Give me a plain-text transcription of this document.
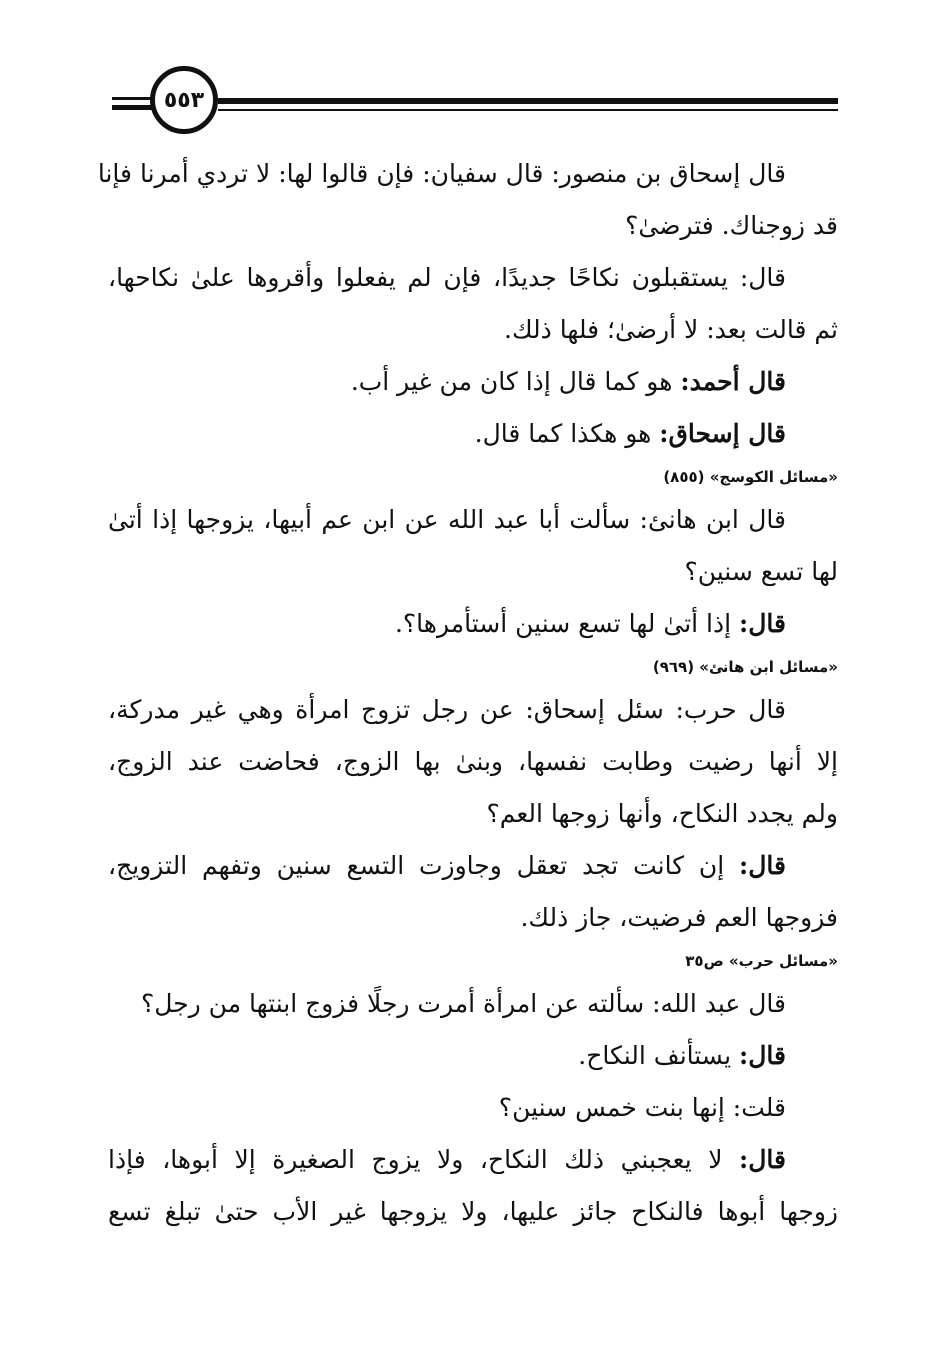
٥٥٣
قال إسحاق بن منصور: قال سفيان: فإن قالوا لها: لا تردي أمرنا فإنا
قد زوجناك. فترضىٰ؟
قال: يستقبلون نكاحًا جديدًا، فإن لم يفعلوا وأقروها علىٰ نكاحها،
ثم قالت بعد: لا أرضىٰ؛ فلها ذلك.
قال أحمد: هو كما قال إذا كان من غير أب.
قال إسحاق: هو هكذا كما قال.
«مسائل الكوسج» (٨٥٥)
قال ابن هانئ: سألت أبا عبد الله عن ابن عم أبيها، يزوجها إذا أتىٰ
لها تسع سنين؟
قال: إذا أتىٰ لها تسع سنين أستأمرها؟.
«مسائل ابن هانئ» (٩٦٩)
قال حرب: سئل إسحاق: عن رجل تزوج امرأة وهي غير مدركة،
إلا أنها رضيت وطابت نفسها، وبنىٰ بها الزوج، فحاضت عند الزوج،
ولم يجدد النكاح، وأنها زوجها العم؟
قال: إن كانت تجد تعقل وجاوزت التسع سنين وتفهم التزويج،
فزوجها العم فرضيت، جاز ذلك.
«مسائل حرب» ص٣٥
قال عبد الله: سألته عن امرأة أمرت رجلًا فزوج ابنتها من رجل؟
قال: يستأنف النكاح.
قلت: إنها بنت خمس سنين؟
قال: لا يعجبني ذلك النكاح، ولا يزوج الصغيرة إلا أبوها، فإذا
زوجها أبوها فالنكاح جائز عليها، ولا يزوجها غير الأب حتىٰ تبلغ تسع
